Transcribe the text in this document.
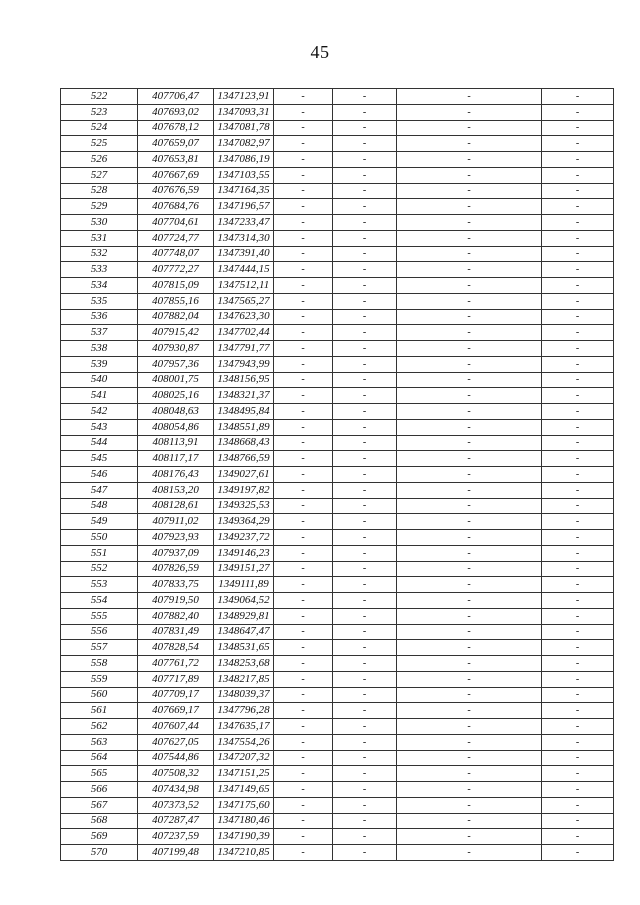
45
522	407706,47	1347123,91	-	-	-	-
523	407693,02	1347093,31	-	-	-	-
524	407678,12	1347081,78	-	-	-	-
525	407659,07	1347082,97	-	-	-	-
526	407653,81	1347086,19	-	-	-	-
527	407667,69	1347103,55	-	-	-	-
528	407676,59	1347164,35	-	-	-	-
529	407684,76	1347196,57	-	-	-	-
530	407704,61	1347233,47	-	-	-	-
531	407724,77	1347314,30	-	-	-	-
532	407748,07	1347391,40	-	-	-	-
533	407772,27	1347444,15	-	-	-	-
534	407815,09	1347512,11	-	-	-	-
535	407855,16	1347565,27	-	-	-	-
536	407882,04	1347623,30	-	-	-	-
537	407915,42	1347702,44	-	-	-	-
538	407930,87	1347791,77	-	-	-	-
539	407957,36	1347943,99	-	-	-	-
540	408001,75	1348156,95	-	-	-	-
541	408025,16	1348321,37	-	-	-	-
542	408048,63	1348495,84	-	-	-	-
543	408054,86	1348551,89	-	-	-	-
544	408113,91	1348668,43	-	-	-	-
545	408117,17	1348766,59	-	-	-	-
546	408176,43	1349027,61	-	-	-	-
547	408153,20	1349197,82	-	-	-	-
548	408128,61	1349325,53	-	-	-	-
549	407911,02	1349364,29	-	-	-	-
550	407923,93	1349237,72	-	-	-	-
551	407937,09	1349146,23	-	-	-	-
552	407826,59	1349151,27	-	-	-	-
553	407833,75	1349111,89	-	-	-	-
554	407919,50	1349064,52	-	-	-	-
555	407882,40	1348929,81	-	-	-	-
556	407831,49	1348647,47	-	-	-	-
557	407828,54	1348531,65	-	-	-	-
558	407761,72	1348253,68	-	-	-	-
559	407717,89	1348217,85	-	-	-	-
560	407709,17	1348039,37	-	-	-	-
561	407669,17	1347796,28	-	-	-	-
562	407607,44	1347635,17	-	-	-	-
563	407627,05	1347554,26	-	-	-	-
564	407544,86	1347207,32	-	-	-	-
565	407508,32	1347151,25	-	-	-	-
566	407434,98	1347149,65	-	-	-	-
567	407373,52	1347175,60	-	-	-	-
568	407287,47	1347180,46	-	-	-	-
569	407237,59	1347190,39	-	-	-	-
570	407199,48	1347210,85	-	-	-	-
